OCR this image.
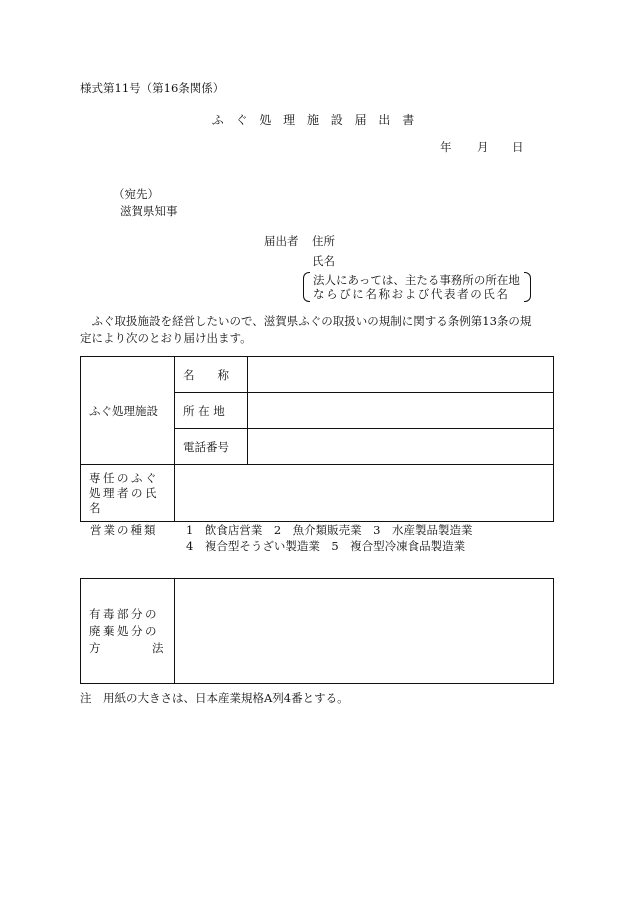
様式第11号（第16条関係）
ふ ぐ 処 理 施 設 届 出 書
年 月 日
（宛先）
滋賀県知事
届出者 住所
氏名
法人にあっては、主たる事務所の所在地
ならびに名称および代表者の氏名

ふぐ取扱施設を経営したいので、滋賀県ふぐの取扱いの規制に関する条例第13条の規

定により次のとおり届け出ます。

ふぐ処理施設	名　　称	
	所 在 地	
	電話番号	

専任のふぐ
処理者の氏
名		

営業の種類 1　飲食店営業　2　魚介類販売業　3　水産製品製造業
4　複合型そうざい製造業　5　複合型冷凍食品製造業
有毒部分の
廃棄処分の
方	法

注　用紙の大きさは、日本産業規格A列4番とする。
